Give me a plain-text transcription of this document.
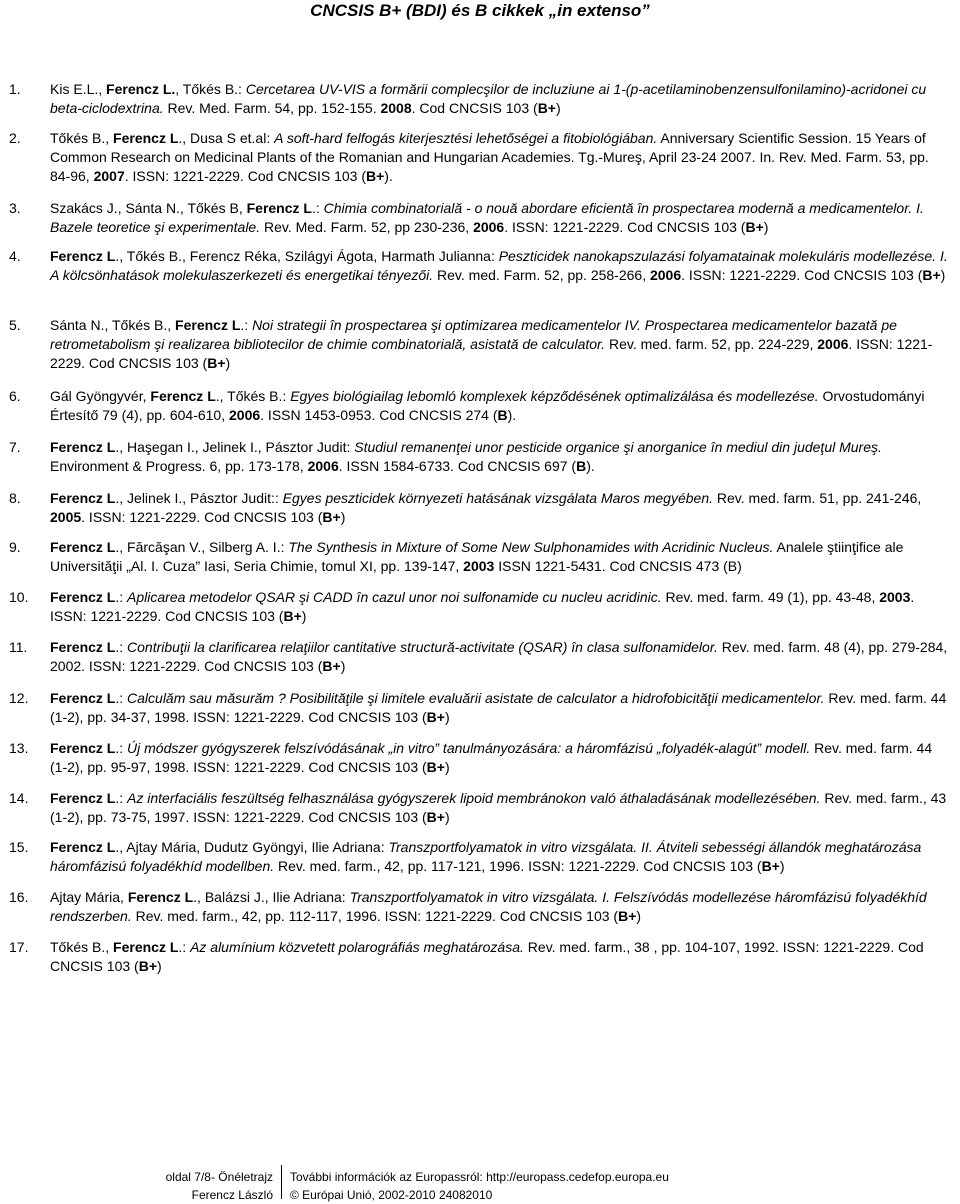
CNCSIS B+ (BDI) és B cikkek „in extenso”
1. Kis E.L., Ferencz L., Tőkés B.: Cercetarea UV-VIS a formării complecşilor de incluziune ai 1-(p-acetilaminobenzensulfonilamino)-acridonei cu beta-ciclodextrina. Rev. Med. Farm. 54, pp. 152-155. 2008. Cod CNCSIS 103 (B+)
2. Tőkés B., Ferencz L., Dusa S et.al: A soft-hard felfogás kiterjesztési lehetőségei a fitobiológiában. Anniversary Scientific Session. 15 Years of Common Research on Medicinal Plants of the Romanian and Hungarian Academies. Tg.-Mureş, April 23-24 2007. In. Rev. Med. Farm. 53, pp. 84-96, 2007. ISSN: 1221-2229. Cod CNCSIS 103 (B+).
3. Szakács J., Sánta N., Tőkés B, Ferencz L.: Chimia combinatorială - o nouă abordare eficientă în prospectarea modernă a medicamentelor. I. Bazele teoretice şi experimentale. Rev. Med. Farm. 52, pp 230-236, 2006. ISSN: 1221-2229. Cod CNCSIS 103 (B+)
4. Ferencz L., Tőkés B., Ferencz Réka, Szilágyi Ágota, Harmath Julianna: Peszticidek nanokapszulazási folyamatainak molekuláris modellezése. I. A kölcsönhatások molekulaszerkezeti és energetikai tényezői. Rev. med. Farm. 52, pp. 258-266, 2006. ISSN: 1221-2229. Cod CNCSIS 103 (B+)
5. Sánta N., Tőkés B., Ferencz L.: Noi strategii în prospectarea şi optimizarea medicamentelor IV. Prospectarea medicamentelor bazată pe retrometabolism şi realizarea bibliotecilor de chimie combinatorială, asistată de calculator. Rev. med. farm. 52, pp. 224-229, 2006. ISSN: 1221-2229. Cod CNCSIS 103 (B+)
6. Gál Gyöngyvér, Ferencz L., Tőkés B.: Egyes biológiailag lebomló komplexek képződésének optimalizálása és modellezése. Orvostudományi Értesítő 79 (4), pp. 604-610, 2006. ISSN 1453-0953. Cod CNCSIS 274 (B).
7. Ferencz L., Haşegan I., Jelinek I., Pásztor Judit: Studiul remanenţei unor pesticide organice şi anorganice în mediul din judeţul Mureş. Environment & Progress. 6, pp. 173-178, 2006. ISSN 1584-6733. Cod CNCSIS 697 (B).
8. Ferencz L., Jelinek I., Pásztor Judit:: Egyes peszticidek környezeti hatásának vizsgálata Maros megyében. Rev. med. farm. 51, pp. 241-246, 2005. ISSN: 1221-2229. Cod CNCSIS 103 (B+)
9. Ferencz L., Fărcăşan V., Silberg A. I.: The Synthesis in Mixture of Some New Sulphonamides with Acridinic Nucleus. Analele ştiinţifice ale Universităţii „Al. I. Cuza” Iasi, Seria Chimie, tomul XI, pp. 139-147, 2003 ISSN 1221-5431. Cod CNCSIS 473 (B)
10. Ferencz L.: Aplicarea metodelor QSAR şi CADD în cazul unor noi sulfonamide cu nucleu acridinic. Rev. med. farm. 49 (1), pp. 43-48, 2003. ISSN: 1221-2229. Cod CNCSIS 103 (B+)
11. Ferencz L.: Contribuţii la clarificarea relaţiilor cantitative structură-activitate (QSAR) în clasa sulfonamidelor. Rev. med. farm. 48 (4), pp. 279-284, 2002. ISSN: 1221-2229. Cod CNCSIS 103 (B+)
12. Ferencz L.: Calculăm sau măsurăm ? Posibilităţile şi limitele evaluării asistate de calculator a hidrofobicităţii medicamentelor. Rev. med. farm. 44 (1-2), pp. 34-37, 1998. ISSN: 1221-2229. Cod CNCSIS 103 (B+)
13. Ferencz L.: Új módszer gyógyszerek felszívódásának „in vitro” tanulmányozására: a háromfázisú „folyadék-alagút” modell. Rev. med. farm. 44 (1-2), pp. 95-97, 1998. ISSN: 1221-2229. Cod CNCSIS 103 (B+)
14. Ferencz L.: Az interfaciális feszültség felhasználása gyógyszerek lipoid membránokon való áthaladásának modellezésében. Rev. med. farm., 43 (1-2), pp. 73-75, 1997. ISSN: 1221-2229. Cod CNCSIS 103 (B+)
15. Ferencz L., Ajtay Mária, Dudutz Gyöngyi, Ilie Adriana: Transzportfolyamatok in vitro vizsgálata. II. Átviteli sebességi állandók meghatározása háromfázisú folyadékhíd modellben. Rev. med. farm., 42, pp. 117-121, 1996. ISSN: 1221-2229. Cod CNCSIS 103 (B+)
16. Ajtay Mária, Ferencz L., Balázsi J., Ilie Adriana: Transzportfolyamatok in vitro vizsgálata. I. Felszívódás modellezése háromfázisú folyadékhíd rendszerben. Rev. med. farm., 42, pp. 112-117, 1996. ISSN: 1221-2229. Cod CNCSIS 103 (B+)
17. Tőkés B., Ferencz L.: Az alumínium közvetett polarográfiás meghatározása. Rev. med. farm., 38 , pp. 104-107, 1992. ISSN: 1221-2229. Cod CNCSIS 103 (B+)
oldal 7/8- Önéletrajz
Ferencz László
További információk az Europassról: http://europass.cedefop.europa.eu
© Európai Unió, 2002-2010 24082010
